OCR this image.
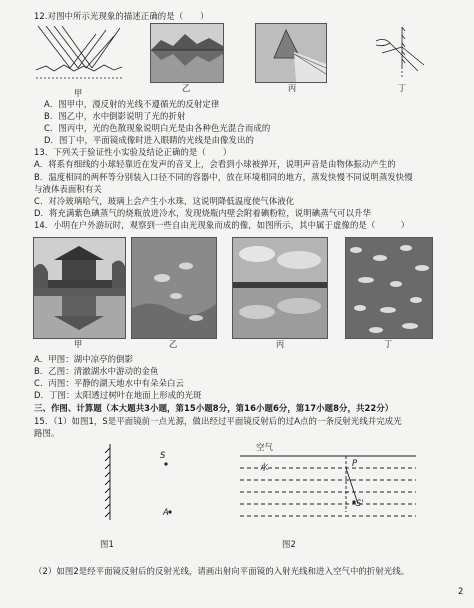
12.对图中所示光现象的描述正确的是（　　）
甲	乙	丙	丁
A．图甲中，漫反射的光线不遵循光的反射定律
B．图乙中，水中倒影说明了光的折射
C．图丙中，光的色散现象说明白光是由各种色光混合而成的
D．图丁中，平面镜成像时进入眼睛的光线是由像发出的
13．下列关于验证性小实验及结论正确的是（　　）
A．将系有细线的小球轻靠近在发声的音叉上，会看到小球被弹开，说明声音是由物体振动产生的
B．温度相同的两杯等分别装入口径不同的容器中，放在环境相同的地方，蒸发快慢不同说明蒸发快慢
与液体表面积有关
C．对冷玻璃哈气，玻璃上会产生小水珠，这说明降低温度使气体液化
D．将充满紫色碘蒸气的烧瓶放进冷水，发现烧瓶内壁会附着碘粉粒，说明碘蒸气可以升华
14．小明在户外游玩时，观察到一些自由光现象而成的像，如图所示，其中属于虚像的是（　　　）
甲	乙	丙	丁
A．甲图：湖中凉亭的倒影
B．乙图：清澈湖水中游动的金鱼
C．丙图：平静的湖天地水中有朵朵白云
D．丁图：太阳透过树叶在地面上形成的光斑
三、作图、计算题（本大题共3小题，第15小题8分，第16小题6分，第17小题8分，共22分）
15．（1）如图1，S是平面镜前一点光源，做出经过平面镜反射后的过A点的一条反射光线并完成光
路图。
S
A
空气
水	P
S'
图1	图2
（2）如图2是经平面镜反射后的反射光线，请画出射向平面镜的入射光线和进入空气中的折射光线。
2
